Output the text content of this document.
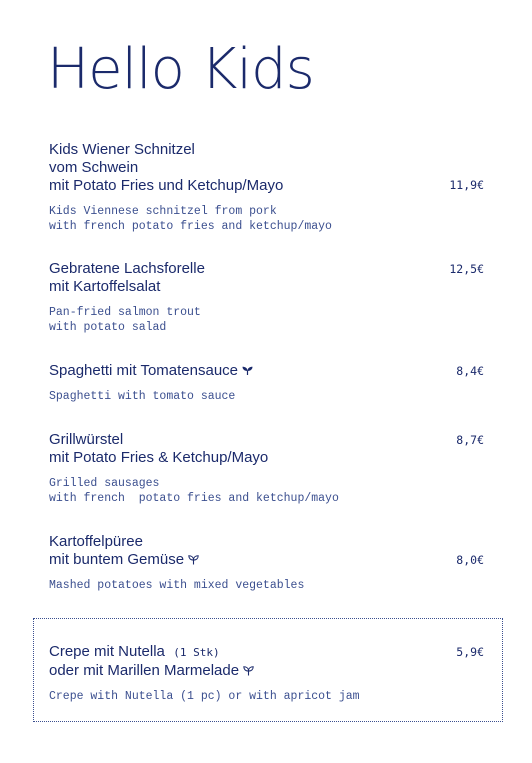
Hello Kids
Kids Wiener Schnitzel
vom Schwein
mit Potato Fries und Ketchup/Mayo	11,9€
Kids Viennese schnitzel from pork
with french potato fries and ketchup/mayo
Gebratene Lachsforelle
mit Kartoffelsalat
12,5€
Pan-fried salmon trout
with potato salad
Spaghetti mit Tomatensauce	8,4€
Spaghetti with tomato sauce
Grillwürstel
mit Potato Fries & Ketchup/Mayo
8,7€
Grilled sausages
with french  potato fries and ketchup/mayo
Kartoffelpüree
mit buntem Gemüse	8,0€
Mashed potatoes with mixed vegetables
Crepe mit Nutella (1 Stk)
oder mit Marillen Marmelade
5,9€
Crepe with Nutella (1 pc) or with apricot jam
